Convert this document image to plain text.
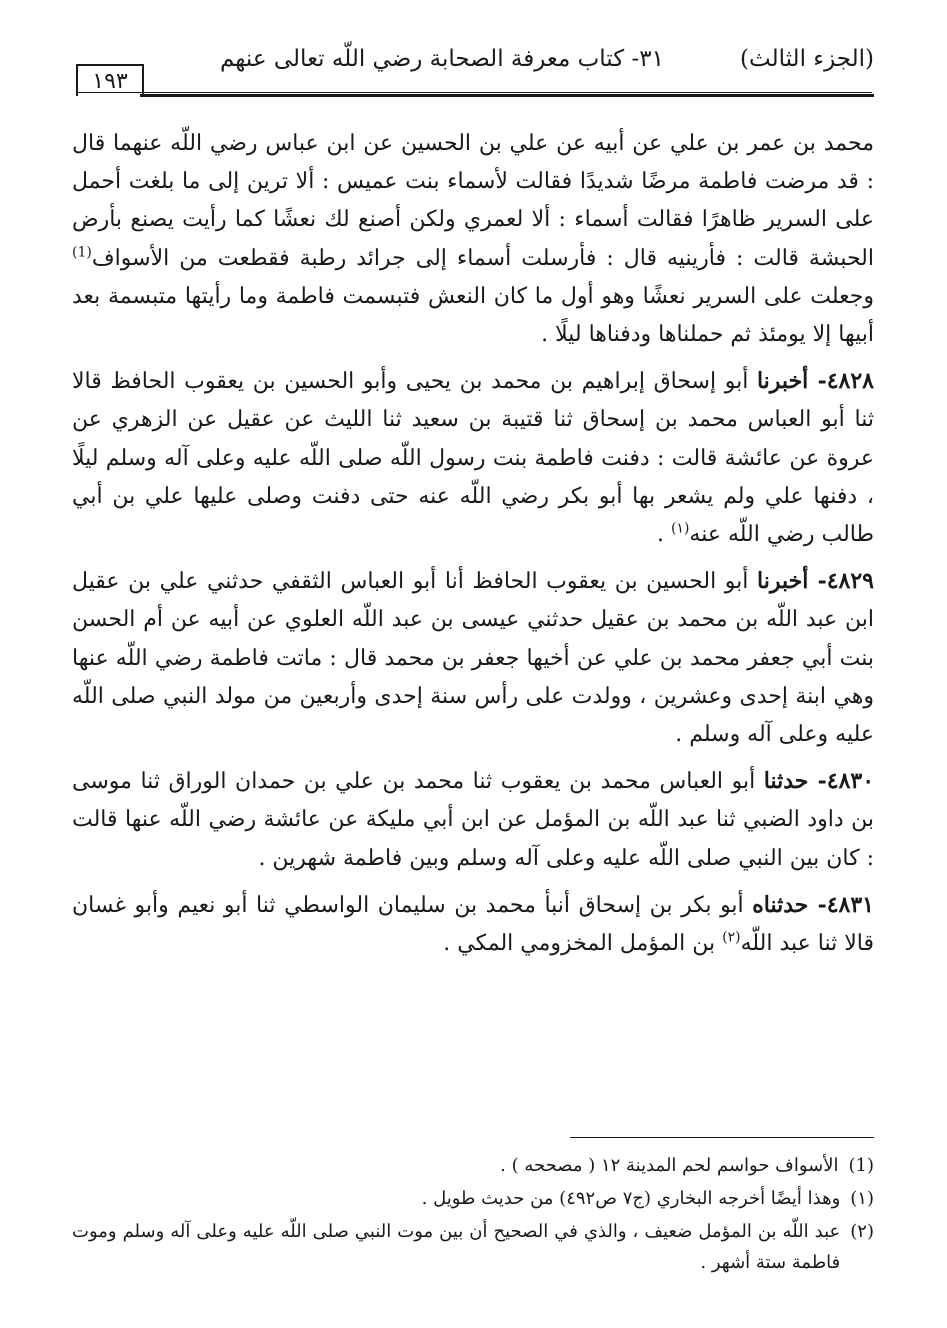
(الجزء الثالث)
٣١- كتاب معرفة الصحابة رضي اللّه تعالى عنهم
١٩٣

محمد بن عمر بن علي عن أبيه عن علي بن الحسين عن ابن عباس رضي اللّه عنهما قال : قد مرضت فاطمة مرضًا شديدًا فقالت لأسماء بنت عميس : ألا ترين إلى ما بلغت أحمل على السرير ظاهرًا فقالت أسماء : ألا لعمري ولكن أصنع لك نعشًا كما رأيت يصنع بأرض الحبشة قالت : فأرينيه قال : فأرسلت أسماء إلى جرائد رطبة فقطعت من الأسواف$^{(1)}$ وجعلت على السرير نعشًا وهو أول ما كان النعش فتبسمت فاطمة وما رأيتها متبسمة بعد أبيها إلا يومئذ ثم حملناها ودفناها ليلًا .

٤٨٢٨- أخبرنا أبو إسحاق إبراهيم بن محمد بن يحيى وأبو الحسين بن يعقوب الحافظ قالا ثنا أبو العباس محمد بن إسحاق ثنا قتيبة بن سعيد ثنا الليث عن عقيل عن الزهري عن عروة عن عائشة قالت : دفنت فاطمة بنت رسول اللّه صلى اللّه عليه وعلى آله وسلم ليلًا ، دفنها علي ولم يشعر بها أبو بكر رضي اللّه عنه حتى دفنت وصلى عليها علي بن أبي طالب رضي اللّه عنه$^{(١)}$ .

٤٨٢٩- أخبرنا أبو الحسين بن يعقوب الحافظ أنا أبو العباس الثقفي حدثني علي بن عقيل ابن عبد اللّه بن محمد بن عقيل حدثني عيسى بن عبد اللّه العلوي عن أبيه عن أم الحسن بنت أبي جعفر محمد بن علي عن أخيها جعفر بن محمد قال : ماتت فاطمة رضي اللّه عنها وهي ابنة إحدى وعشرين ، وولدت على رأس سنة إحدى وأربعين من مولد النبي صلى اللّه عليه وعلى آله وسلم .

٤٨٣٠- حدثنا أبو العباس محمد بن يعقوب ثنا محمد بن علي بن حمدان الوراق ثنا موسى بن داود الضبي ثنا عبد اللّه بن المؤمل عن ابن أبي مليكة عن عائشة رضي اللّه عنها قالت : كان بين النبي صلى اللّه عليه وعلى آله وسلم وبين فاطمة شهرين .

٤٨٣١- حدثناه أبو بكر بن إسحاق أنبأ محمد بن سليمان الواسطي ثنا أبو نعيم وأبو غسان قالا ثنا عبد اللّه$^{(٢)}$ بن المؤمل المخزومي المكي .

(1)
الأسواف حواسم لحم المدينة ١٢ ( مصححه ) .
(١)
وهذا أيضًا أخرجه البخاري (ج٧ ص٤٩٢) من حديث طويل .
(٢)
عبد اللّه بن المؤمل ضعيف ، والذي في الصحيح أن بين موت النبي صلى اللّه عليه وعلى آله وسلم وموت فاطمة ستة أشهر .
